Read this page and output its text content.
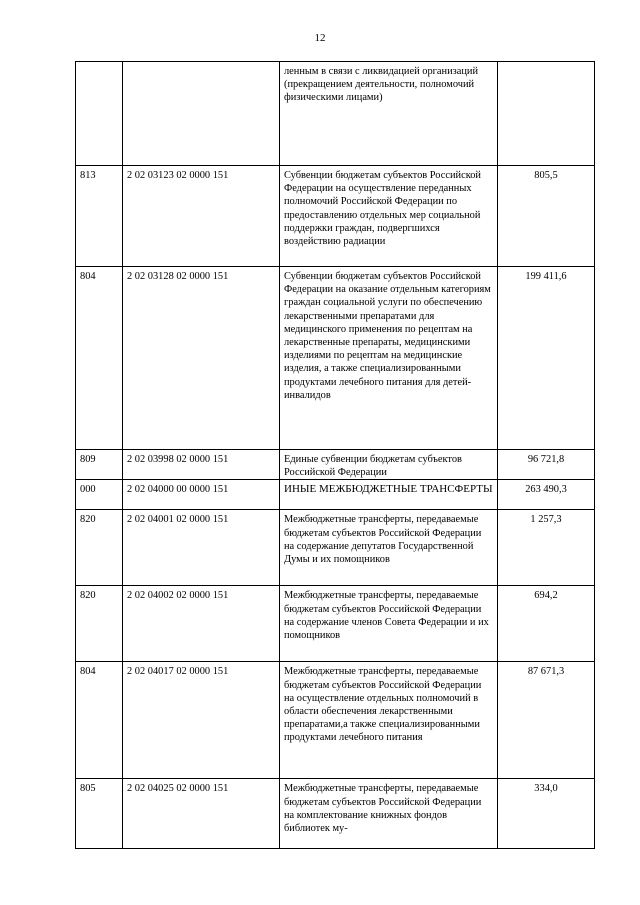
12
		ленным в связи с ликвидацией организаций (прекращением деятельности, полномочий физическими лицами)	
813	2 02 03123 02 0000 151	Субвенции бюджетам субъектов Российской Федерации на осуществление переданных полномочий Российской Федерации по предоставлению отдельных мер социальной поддержки граждан, подвергшихся воздействию радиации	805,5
804	2 02 03128 02 0000 151	Субвенции бюджетам субъектов Российской Федерации на оказание отдельным категориям граждан социальной услуги по обеспечению лекарственными препаратами для медицинского применения по рецептам на лекарственные препараты, медицинскими изделиями по рецептам на медицинские изделия, а также специализированными продуктами лечебного питания для детей-инвалидов	199 411,6
809	2 02 03998 02 0000 151	Единые субвенции бюджетам субъектов Российской Федерации	96 721,8
000	2 02 04000 00 0000 151	ИНЫЕ МЕЖБЮДЖЕТНЫЕ ТРАНСФЕРТЫ	263 490,3
820	2 02 04001 02 0000 151	Межбюджетные трансферты, передаваемые бюджетам субъектов Российской Федерации на содержание депутатов Государственной Думы и их помощников	1 257,3
820	2 02 04002 02 0000 151	Межбюджетные трансферты, передаваемые бюджетам субъектов Российской Федерации на содержание членов Совета Федерации и их помощников	694,2
804	2 02 04017 02 0000 151	Межбюджетные трансферты, передаваемые бюджетам субъектов Российской Федерации на осуществление отдельных полномочий в области обеспечения лекарственными препаратами,а также специализированными продуктами лечебного питания	87 671,3
805	2 02 04025 02 0000 151	Межбюджетные трансферты, передаваемые бюджетам субъектов Российской Федерации на комплектование книжных фондов библиотек му-	334,0
